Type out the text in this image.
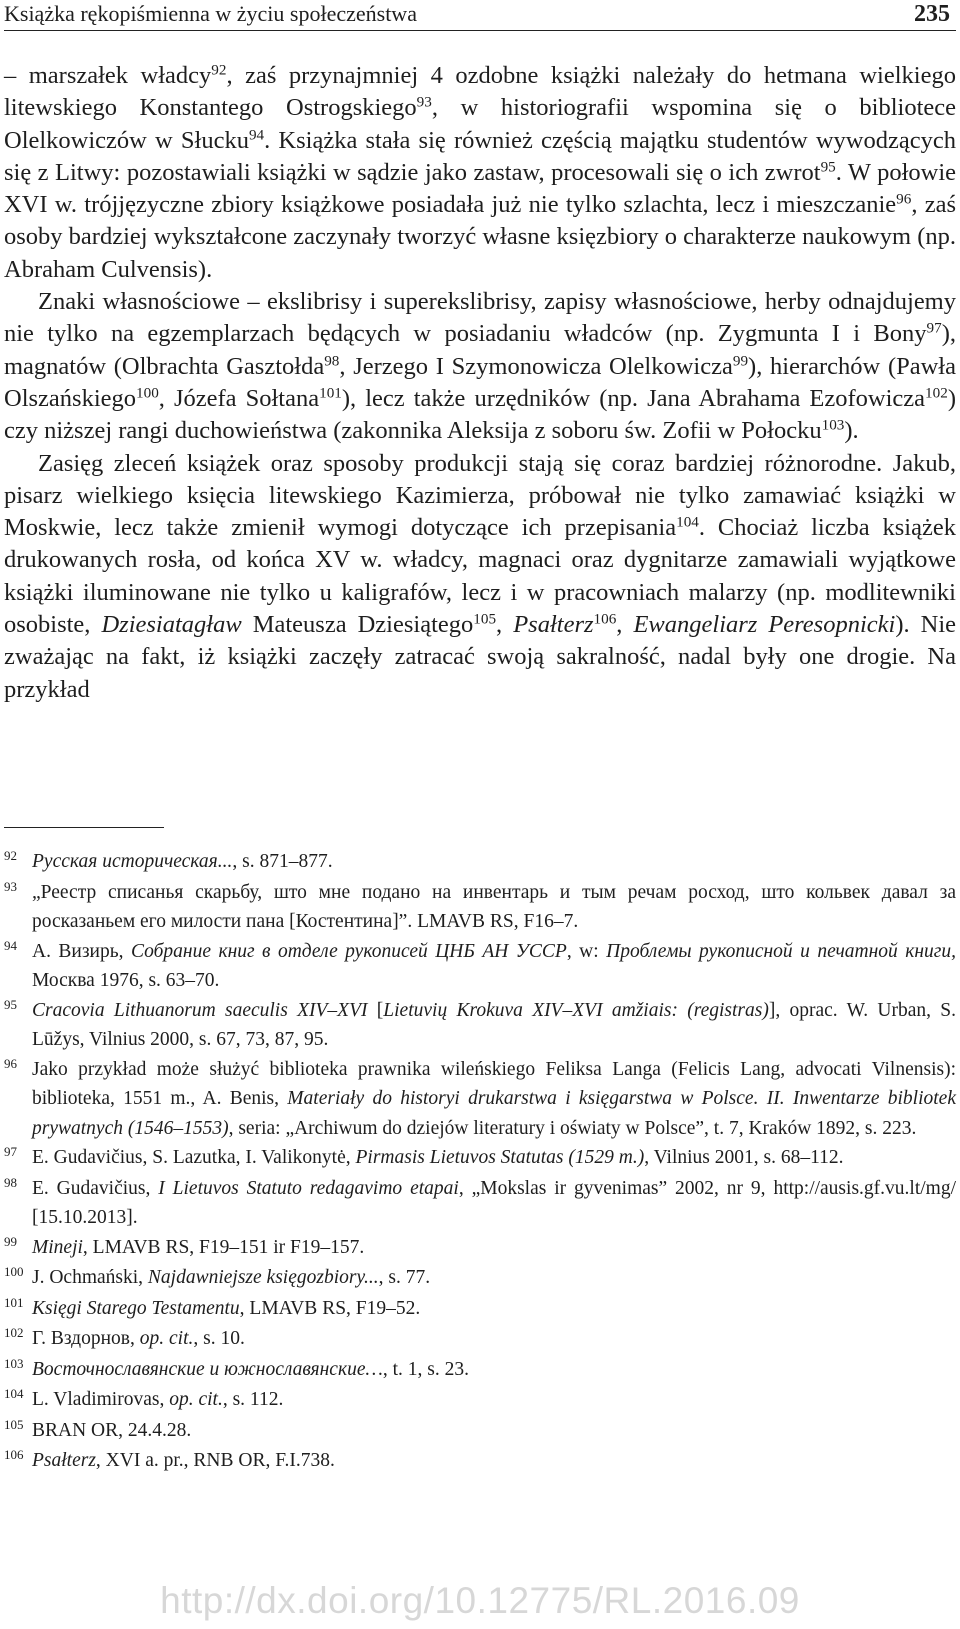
Książka rękopiśmienna w życiu społeczeństwa	235

– marszałek władcy$^{92}$, zaś przynajmniej 4 ozdobne książki należały do hetmana wielkiego litewskiego Konstantego Ostrogskiego$^{93}$, w historiografii wspomina się o bibliotece Olelkowiczów w Słucku$^{94}$. Książka stała się również częścią majątku studentów wywodzących się z Litwy: pozostawiali książki w sądzie jako zastaw, procesowali się o ich zwrot$^{95}$. W połowie XVI w. trójjęzyczne zbiory książkowe posiadała już nie tylko szlachta, lecz i mieszczanie$^{96}$, zaś osoby bardziej wykształcone zaczynały tworzyć własne księzbiory o charakterze naukowym (np. Abraham Culvensis).

Znaki własnościowe – ekslibrisy i superekslibrisy, zapisy własnościowe, herby odnajdujemy nie tylko na egzemplarzach będących w posiadaniu władców (np. Zygmunta I i Bony$^{97}$), magnatów (Olbrachta Gasztołda$^{98}$, Jerzego I Szymonowicza Olelkowicza$^{99}$), hierarchów (Pawła Olszańskiego$^{100}$, Józefa Sołtana$^{101}$), lecz także urzędników (np. Jana Abrahama Ezofowicza$^{102}$) czy niższej rangi duchowieństwa (zakonnika Aleksija z soboru św. Zofii w Połocku$^{103}$).

Zasięg zleceń książek oraz sposoby produkcji stają się coraz bardziej różnorodne. Jakub, pisarz wielkiego księcia litewskiego Kazimierza, próbował nie tylko zamawiać książki w Moskwie, lecz także zmienił wymogi dotyczące ich przepisania$^{104}$. Chociaż liczba książek drukowanych rosła, od końca XV w. władcy, magnaci oraz dygnitarze zamawiali wyjątkowe książki iluminowane nie tylko u kaligrafów, lecz i w pracowniach malarzy (np. modlitewniki osobiste, Dziesiatagław Mateusza Dziesiątego$^{105}$, Psałterz$^{106}$, Ewangeliarz Peresopnicki). Nie zważając na fakt, iż książki zaczęły zatracać swoją sakralność, nadal były one drogie. Na przykład

92 Русская историческая..., s. 871–877.
93 „Реестр списанья скарьбу, што мне подано на инвентарь и тым речам росход, што кольвек давал за росказаньем его милости пана [Костентина]”. LMAVB RS, F16–7.
94 А. Визирь, Собрание книг в отделе рукописей ЦНБ АН УССР, w: Проблемы рукописной и печатной книги, Москва 1976, s. 63–70.
95 Cracovia Lithuanorum saeculis XIV–XVI [Lietuvių Krokuva XIV–XVI amžiais: (registras)], oprac. W. Urban, S. Lūžys, Vilnius 2000, s. 67, 73, 87, 95.
96 Jako przykład może służyć biblioteka prawnika wileńskiego Feliksa Langa (Felicis Lang, advocati Vilnensis): biblioteka, 1551 m., A. Benis, Materiały do historyi drukarstwa i księgarstwa w Polsce. II. Inwentarze bibliotek prywatnych (1546–1553), seria: „Archiwum do dziejów literatury i oświaty w Polsce”, t. 7, Kraków 1892, s. 223.
97 E. Gudavičius, S. Lazutka, I. Valikonytė, Pirmasis Lietuvos Statutas (1529 m.), Vilnius 2001, s. 68–112.
98 E. Gudavičius, I Lietuvos Statuto redagavimo etapai, „Mokslas ir gyvenimas” 2002, nr 9, http://ausis.gf.vu.lt/mg/ [15.10.2013].
99 Mineji, LMAVB RS, F19–151 ir F19–157.
100 J. Ochmański, Najdawniejsze księgozbiory..., s. 77.
101 Księgi Starego Testamentu, LMAVB RS, F19–52.
102 Г. Вздорнов, op. cit., s. 10.
103 Восточнославянские и южнославянские…, t. 1, s. 23.
104 L. Vladimirovas, op. cit., s. 112.
105 BRAN OR, 24.4.28.
106 Psałterz, XVI a. pr., RNB OR, F.I.738.
http://dx.doi.org/10.12775/RL.2016.09
